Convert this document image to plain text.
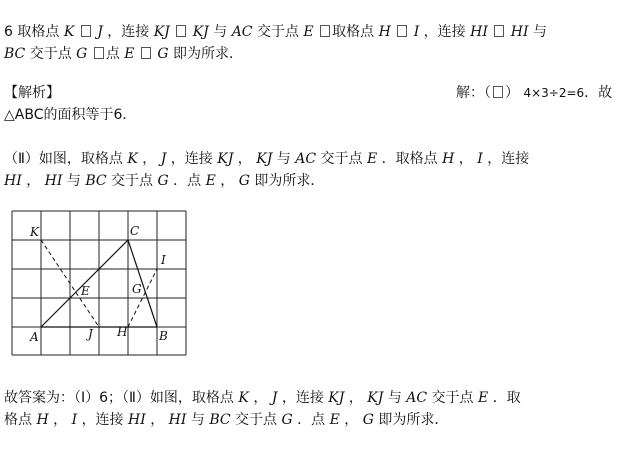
6 取格点 K J ，连接 KJ KJ 与 AC 交于点 E 取格点 H I ，连接 HI HI 与
BC 交于点 G 点 E G 即为所求．
【解析】	解：（ ） 4×3÷2=6．故
△ABC的面积等于6．
（Ⅱ）如图，取格点 K ， J ，连接 KJ ， KJ 与 AC 交于点 E ．取格点 H ， I ，连接
HI ， HI 与 BC 交于点 G ．点 E ， G 即为所求．
K	C
I
E	G
A	J H	B
故答案为：（Ⅰ）6；（Ⅱ）如图，取格点 K ， J ，连接 KJ ， KJ 与 AC 交于点 E ．取
格点 H ， I ，连接 HI ， HI 与 BC 交于点 G ．点 E ， G 即为所求．
